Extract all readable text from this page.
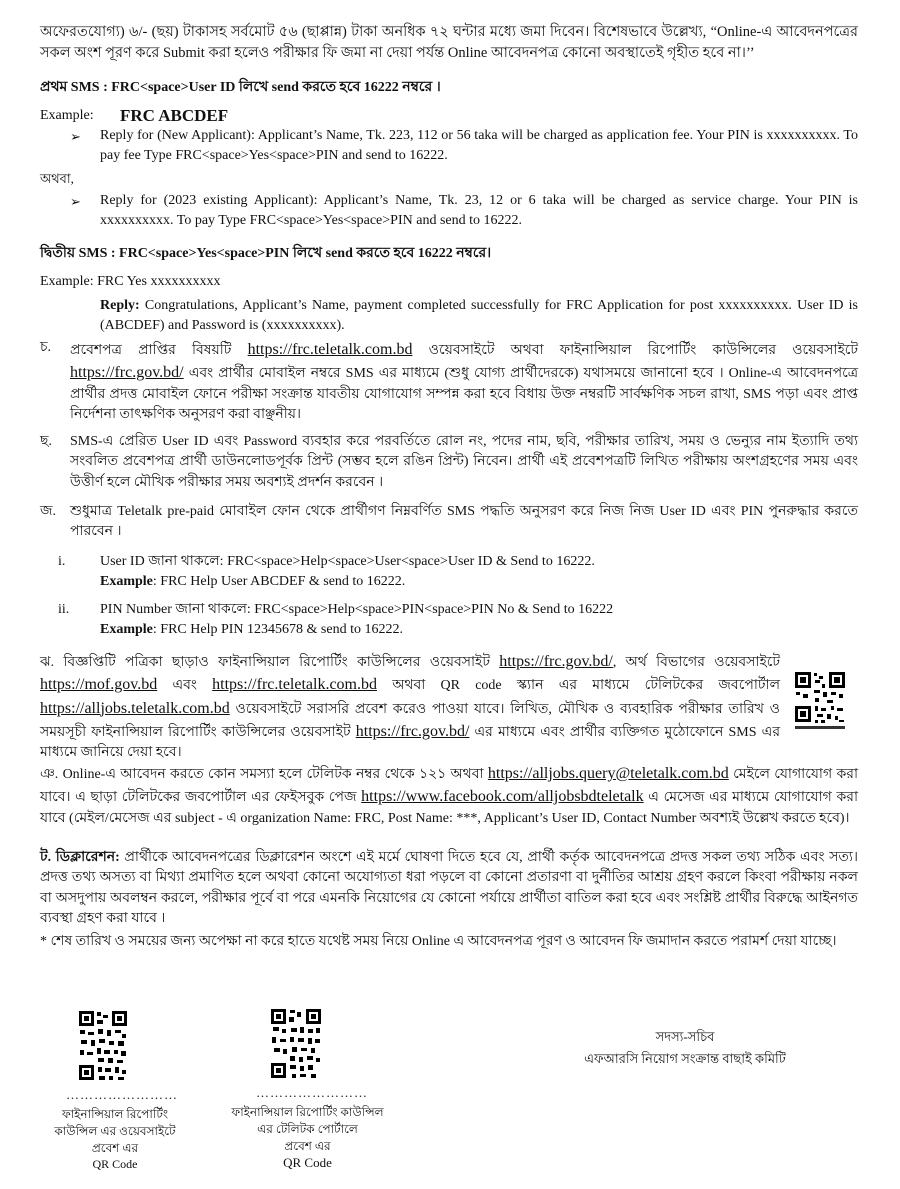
অফেরতযোগ্য) ৬/- (ছয়) টাকাসহ সর্বমোট ৫৬ (ছাপ্পান্ন) টাকা অনধিক ৭২ ঘন্টার মধ্যে জমা দিবেন। বিশেষভাবে উল্লেখ্য, “Online-এ আবেদনপত্রের সকল অংশ পূরণ করে Submit করা হলেও পরীক্ষার ফি জমা না দেয়া পর্যন্ত Online আবেদনপত্র কোনো অবস্থাতেই গৃহীত হবে না।’’

প্রথম SMS : FRC<space>User ID লিখে send করতে হবে 16222 নম্বরে ।

Example: FRC ABCDEF

➢ Reply for (New Applicant): Applicant’s Name, Tk. 223, 112 or 56 taka will be charged as application fee. Your PIN is xxxxxxxxxx. To pay fee Type FRC<space>Yes<space>PIN and send to 16222.

অথবা,

➢ Reply for (2023 existing Applicant): Applicant’s Name, Tk. 23, 12 or 6 taka will be charged as service charge. Your PIN is xxxxxxxxxx. To pay Type FRC<space>Yes<space>PIN and send to 16222.

দ্বিতীয় SMS : FRC<space>Yes<space>PIN লিখে send করতে হবে 16222 নম্বরে।

Example: FRC Yes xxxxxxxxxx

Reply: Congratulations, Applicant’s Name, payment completed successfully for FRC Application for post xxxxxxxxxx. User ID is (ABCDEF) and Password is (xxxxxxxxxx).

চ. প্রবেশপত্র প্রাপ্তির বিষয়টি https://frc.teletalk.com.bd ওয়েবসাইটে অথবা ফাইনান্সিয়াল রিপোর্টিং কাউন্সিলের ওয়েবসাইটে https://frc.gov.bd/ এবং প্রার্থীর মোবাইল নম্বরে SMS এর মাধ্যমে (শুধু যোগ্য প্রার্থীদেরকে) যথাসময়ে জানানো হবে । Online-এ আবেদনপত্রে প্রার্থীর প্রদত্ত মোবাইল ফোনে পরীক্ষা সংক্রান্ত যাবতীয় যোগাযোগ সম্পন্ন করা হবে বিধায় উক্ত নম্বরটি সার্বক্ষণিক সচল রাখা, SMS পড়া এবং প্রাপ্ত নির্দেশনা তাৎক্ষণিক অনুসরণ করা বাঞ্ছনীয়।

ছ. SMS-এ প্রেরিত User ID এবং Password ব্যবহার করে পরবর্তিতে রোল নং, পদের নাম, ছবি, পরীক্ষার তারিখ, সময় ও ভেন্যুর নাম ইত্যাদি তথ্য সংবলিত প্রবেশপত্র প্রার্থী ডাউনলোডপূর্বক প্রিন্ট (সম্ভব হলে রঙিন প্রিন্ট) নিবেন। প্রার্থী এই প্রবেশপত্রটি লিখিত পরীক্ষায় অংশগ্রহণের সময় এবং উত্তীর্ণ হলে মৌখিক পরীক্ষার সময় অবশ্যই প্রদর্শন করবেন ।

জ. শুধুমাত্র Teletalk pre-paid মোবাইল ফোন থেকে প্রার্থীগণ নিম্নবর্ণিত SMS পদ্ধতি অনুসরণ করে নিজ নিজ User ID এবং PIN পুনরুদ্ধার করতে পারবেন ।

i. User ID জানা থাকলে: FRC<space>Help<space>User<space>User ID & Send to 16222.

Example: FRC Help User ABCDEF & send to 16222.

ii. PIN Number জানা থাকলে: FRC<space>Help<space>PIN<space>PIN No & Send to 16222

Example: FRC Help PIN 12345678 & send to 16222.

ঝ. বিজ্ঞপ্তিটি পত্রিকা ছাড়াও ফাইনান্সিয়াল রিপোর্টিং কাউন্সিলের ওয়েবসাইট https://frc.gov.bd/, অর্থ বিভাগের ওয়েবসাইটে https://mof.gov.bd এবং https://frc.teletalk.com.bd অথবা QR code স্ক্যান এর মাধ্যমে টেলিটকের জবপোর্টাল https://alljobs.teletalk.com.bd ওয়েবসাইটে সরাসরি প্রবেশ করেও পাওয়া যাবে। লিখিত, মৌখিক ও ব্যবহারিক পরীক্ষার তারিখ ও সময়সূচী ফাইনান্সিয়াল রিপোর্টিং কাউন্সিলের ওয়েবসাইট https://frc.gov.bd/ এর মাধ্যমে এবং প্রার্থীর ব্যক্তিগত মুঠোফোনে SMS এর মাধ্যমে জানিয়ে দেয়া হবে।

ঞ. Online-এ আবেদন করতে কোন সমস্যা হলে টেলিটক নম্বর থেকে ১২১ অথবা https://alljobs.query@teletalk.com.bd মেইলে যোগাযোগ করা যাবে। এ ছাড়া টেলিটকের জবপোর্টাল এর ফেইসবুক পেজ https://www.facebook.com/alljobsbdteletalk এ মেসেজ এর মাধ্যমে যোগাযোগ করা যাবে (মেইল/মেসেজ এর subject - এ organization Name: FRC, Post Name: ***, Applicant’s User ID, Contact Number অবশ্যই উল্লেখ করতে হবে)।

ট. ডিক্লারেশন: প্রার্থীকে আবেদনপত্রের ডিক্লারেশন অংশে এই মর্মে ঘোষণা দিতে হবে যে, প্রার্থী কর্তৃক আবেদনপত্রে প্রদত্ত সকল তথ্য সঠিক এবং সত্য। প্রদত্ত তথ্য অসত্য বা মিথ্যা প্রমাণিত হলে অথবা কোনো অযোগ্যতা ধরা পড়লে বা কোনো প্রতারণা বা দুর্নীতির আশ্রয় গ্রহণ করলে কিংবা পরীক্ষায় নকল বা অসদুপায় অবলম্বন করলে, পরীক্ষার পূর্বে বা পরে এমনকি নিয়োগের যে কোনো পর্যায়ে প্রার্থীতা বাতিল করা হবে এবং সংশ্লিষ্ট প্রার্থীর বিরুদ্ধে আইনগত ব্যবস্থা গ্রহণ করা যাবে ।

* শেষ তারিখ ও সময়ের জন্য অপেক্ষা না করে হাতে যথেষ্ট সময় নিয়ে Online এ আবেদনপত্র পূরণ ও আবেদন ফি জমাদান করতে পরামর্শ দেয়া যাচ্ছে।

……………………
ফাইনান্সিয়াল রিপোর্টিং
কাউন্সিল এর ওয়েবসাইটে
প্রবেশ এর
QR Code
……………………
ফাইনান্সিয়াল রিপোর্টিং কাউন্সিল
এর টেলিটক পোর্টালে
প্রবেশ এর
QR Code
সদস্য-সচিব
এফআরসি নিয়োগ সংক্রান্ত বাছাই কমিটি
